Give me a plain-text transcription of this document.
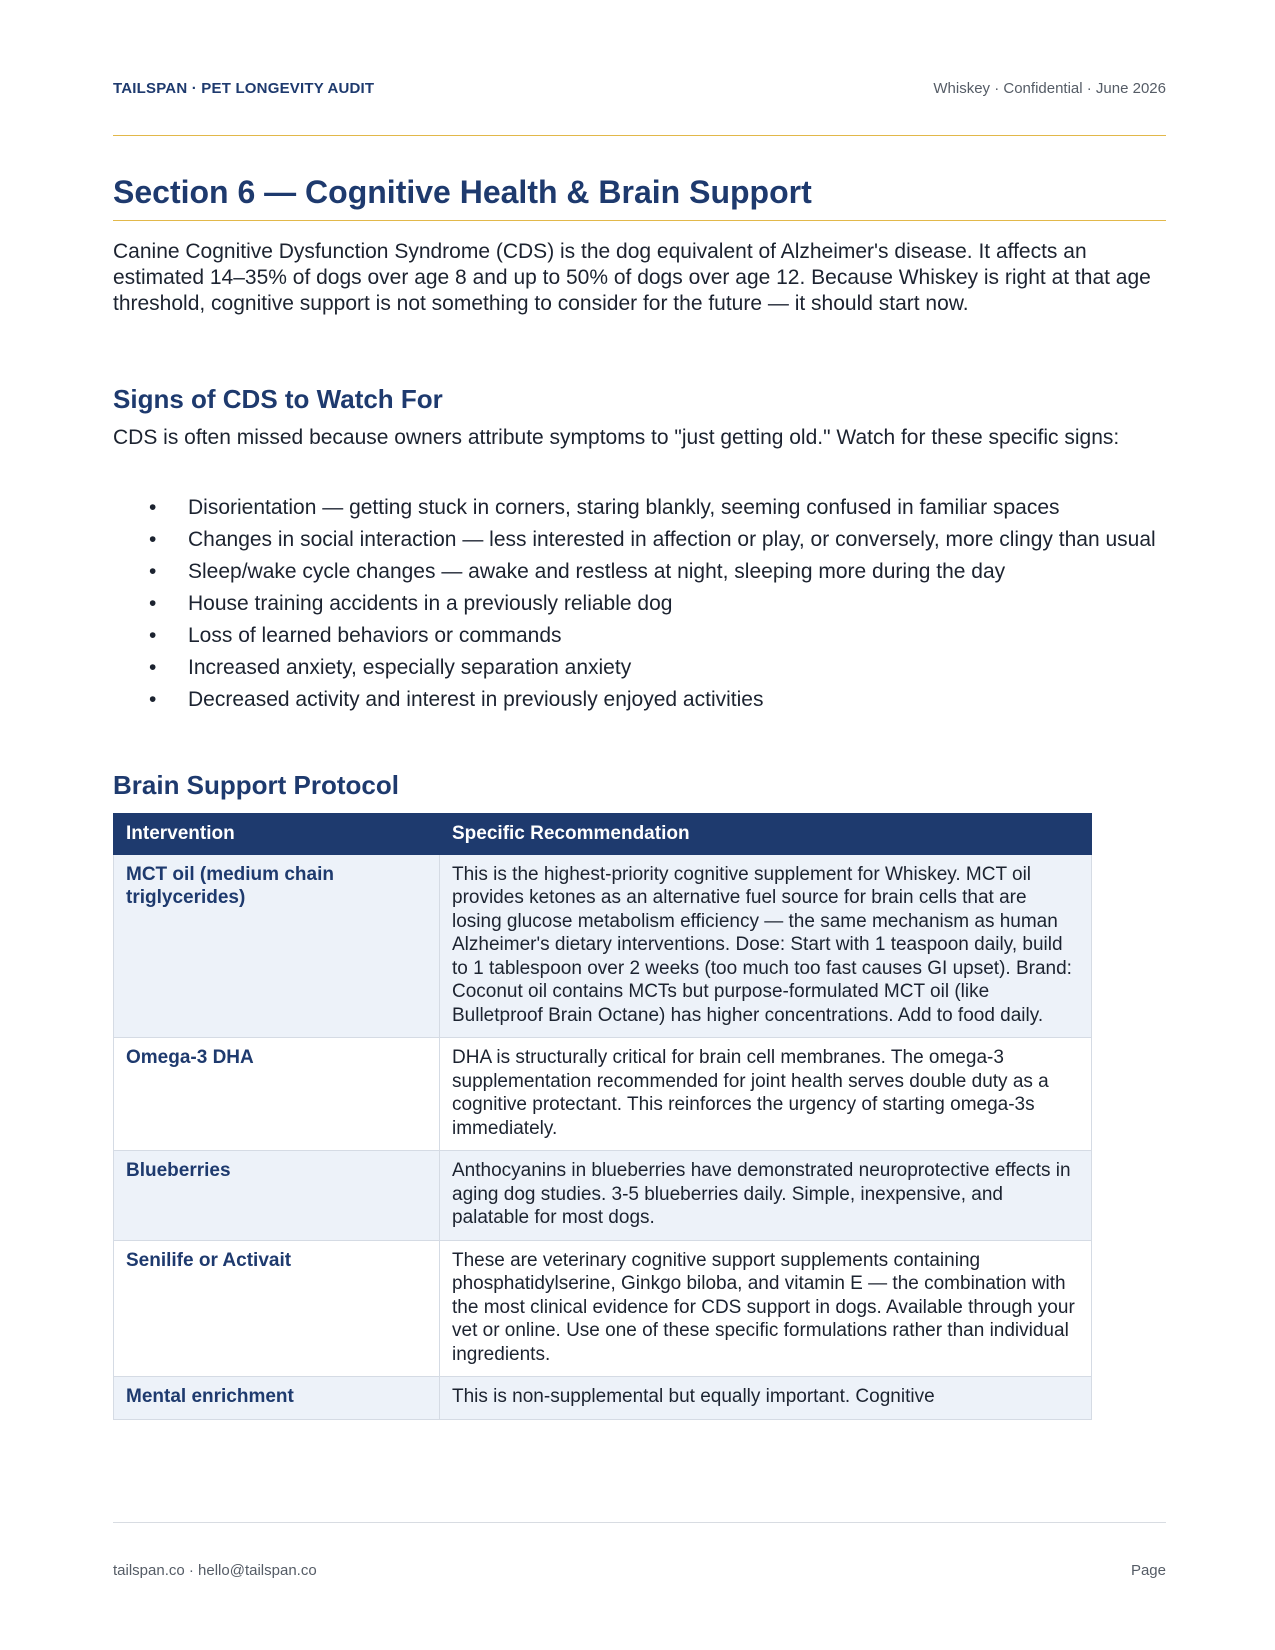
TAILSPAN · PET LONGEVITY AUDIT	Whiskey · Confidential · June 2026
Section 6 — Cognitive Health & Brain Support

Canine Cognitive Dysfunction Syndrome (CDS) is the dog equivalent of Alzheimer's disease. It affects an estimated 14–35% of dogs over age 8 and up to 50% of dogs over age 12. Because Whiskey is right at that age threshold, cognitive support is not something to consider for the future — it should start now.

Signs of CDS to Watch For

CDS is often missed because owners attribute symptoms to "just getting old." Watch for these specific signs:

• Disorientation — getting stuck in corners, staring blankly, seeming confused in familiar spaces
• Changes in social interaction — less interested in affection or play, or conversely, more clingy than usual
• Sleep/wake cycle changes — awake and restless at night, sleeping more during the day
• House training accidents in a previously reliable dog
• Loss of learned behaviors or commands
• Increased anxiety, especially separation anxiety
• Decreased activity and interest in previously enjoyed activities
Brain Support Protocol
Intervention	Specific Recommendation
MCT oil (medium chain triglycerides)	This is the highest-priority cognitive supplement for Whiskey. MCT oil provides ketones as an alternative fuel source for brain cells that are losing glucose metabolism efficiency — the same mechanism as human Alzheimer's dietary interventions. Dose: Start with 1 teaspoon daily, build to 1 tablespoon over 2 weeks (too much too fast causes GI upset). Brand: Coconut oil contains MCTs but purpose-formulated MCT oil (like Bulletproof Brain Octane) has higher concentrations. Add to food daily.
Omega-3 DHA	DHA is structurally critical for brain cell membranes. The omega-3 supplementation recommended for joint health serves double duty as a cognitive protectant. This reinforces the urgency of starting omega-3s immediately.
Blueberries	Anthocyanins in blueberries have demonstrated neuroprotective effects in aging dog studies. 3-5 blueberries daily. Simple, inexpensive, and palatable for most dogs.
Senilife or Activait	These are veterinary cognitive support supplements containing phosphatidylserine, Ginkgo biloba, and vitamin E — the combination with the most clinical evidence for CDS support in dogs. Available through your vet or online. Use one of these specific formulations rather than individual ingredients.
Mental enrichment	This is non-supplemental but equally important. Cognitive
tailspan.co · hello@tailspan.co	Page
